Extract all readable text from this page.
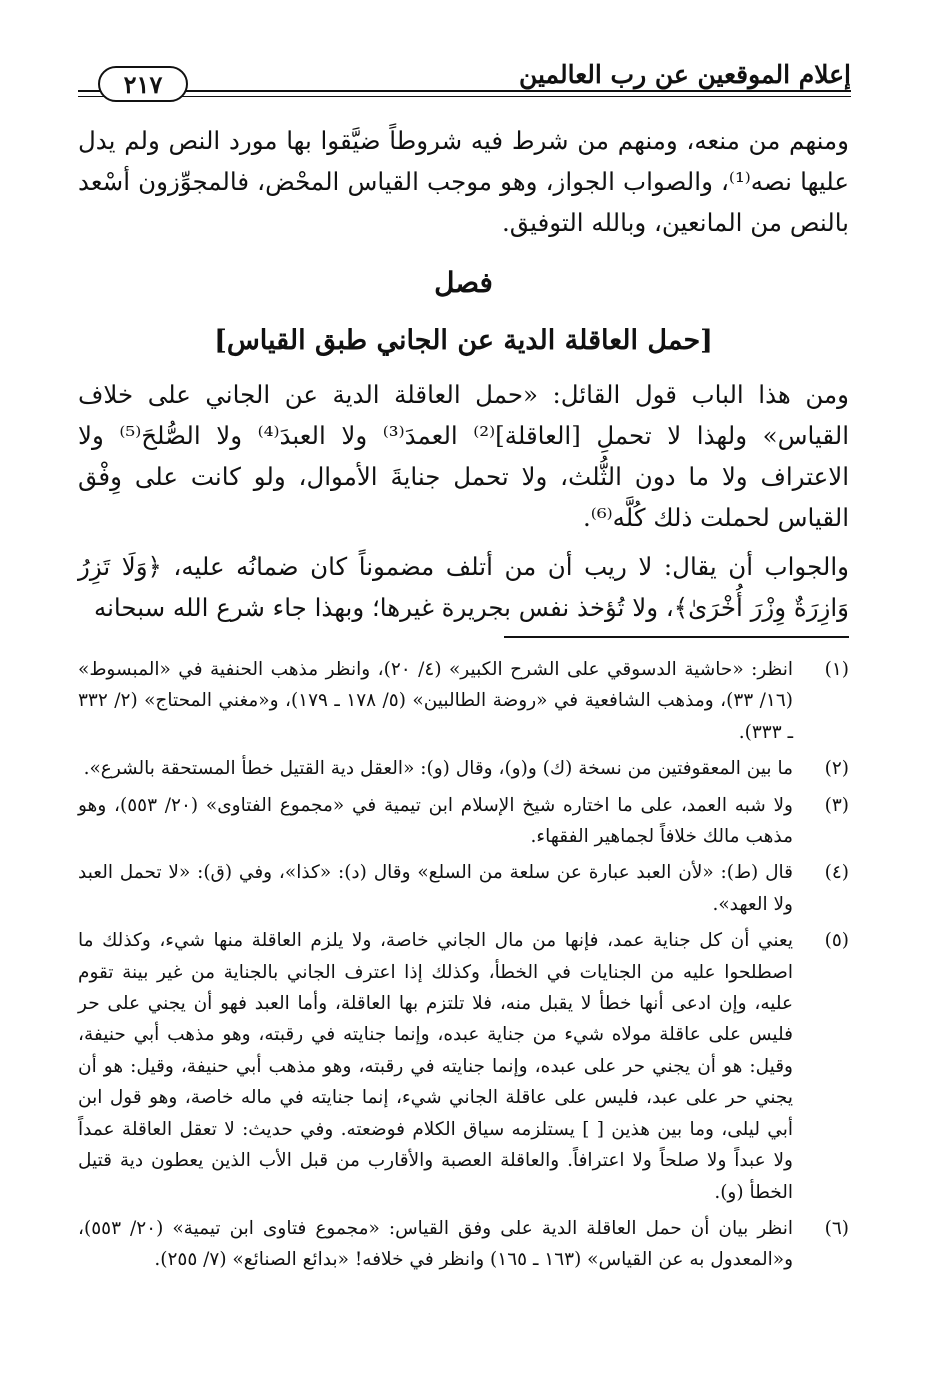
إعلام الموقعين عن رب العالمين
٢١٧

ومنهم من منعه، ومنهم من شرط فيه شروطاً ضيَّقوا بها مورد النص ولم يدل عليها نصه⁽¹⁾، والصواب الجواز، وهو موجب القياس المحْض، فالمجوِّزون أسْعد بالنص من المانعين، وبالله التوفيق.

فصل
[حمل العاقلة الدية عن الجاني طبق القياس]

ومن هذا الباب قول القائل: «حمل العاقلة الدية عن الجاني على خلاف القياس» ولهذا لا تحملِ [العاقلة]⁽²⁾ العمدَ⁽³⁾ ولا العبدَ⁽⁴⁾ ولا الصُّلحَ⁽⁵⁾ ولا الاعتراف ولا ما دون الثُّلث، ولا تحمل جنايةَ الأموال، ولو كانت على وِفْق القياس لحملت ذلك كُلَّه⁽⁶⁾.

والجواب أن يقال: لا ريب أن من أتلف مضموناً كان ضمانُه عليه، ﴿وَلَا تَزِرُ وَازِرَةٌ وِزْرَ أُخْرَىٰ﴾، ولا تُؤخذ نفس بجريرة غيرها؛ وبهذا جاء شرع الله سبحانه

(١)
انظر: «حاشية الدسوقي على الشرح الكبير» (٤/ ٢٠)، وانظر مذهب الحنفية في «المبسوط» (١٦/ ٣٣)، ومذهب الشافعية في «روضة الطالبين» (٥/ ١٧٨ ـ ١٧٩)، و«مغني المحتاج» (٢/ ٣٣٢ ـ ٣٣٣).
(٢)
ما بين المعقوفتين من نسخة (ك) و(و)، وقال (و): «العقل دية القتيل خطأ المستحقة بالشرع».
(٣)
ولا شبه العمد، على ما اختاره شيخ الإسلام ابن تيمية في «مجموع الفتاوى» (٢٠/ ٥٥٣)، وهو مذهب مالك خلافاً لجماهير الفقهاء.
(٤)
قال (ط): «لأن العبد عبارة عن سلعة من السلع» وقال (د): «كذا»، وفي (ق): «لا تحمل العبد ولا العهد».
(٥)
يعني أن كل جناية عمد، فإنها من مال الجاني خاصة، ولا يلزم العاقلة منها شيء، وكذلك ما اصطلحوا عليه من الجنايات في الخطأ، وكذلك إذا اعترف الجاني بالجناية من غير بينة تقوم عليه، وإن ادعى أنها خطأ لا يقبل منه، فلا تلتزم بها العاقلة، وأما العبد فهو أن يجني على حر فليس على عاقلة مولاه شيء من جناية عبده، وإنما جنايته في رقبته، وهو مذهب أبي حنيفة، وقيل: هو أن يجني حر على عبده، وإنما جنايته في رقبته، وهو مذهب أبي حنيفة، وقيل: هو أن يجني حر على عبد، فليس على عاقلة الجاني شيء، إنما جنايته في ماله خاصة، وهو قول ابن أبي ليلى، وما بين هذين [ ] يستلزمه سياق الكلام فوضعته. وفي حديث: لا تعقل العاقلة عمداً ولا عبداً ولا صلحاً ولا اعترافاً. والعاقلة العصبة والأقارب من قبل الأب الذين يعطون دية قتيل الخطأ (و).
(٦)
انظر بيان أن حمل العاقلة الدية على وفق القياس: «مجموع فتاوى ابن تيمية» (٢٠/ ٥٥٣)، و«المعدول به عن القياس» (١٦٣ ـ ١٦٥) وانظر في خلافه! «بدائع الصنائع» (٧/ ٢٥٥).
